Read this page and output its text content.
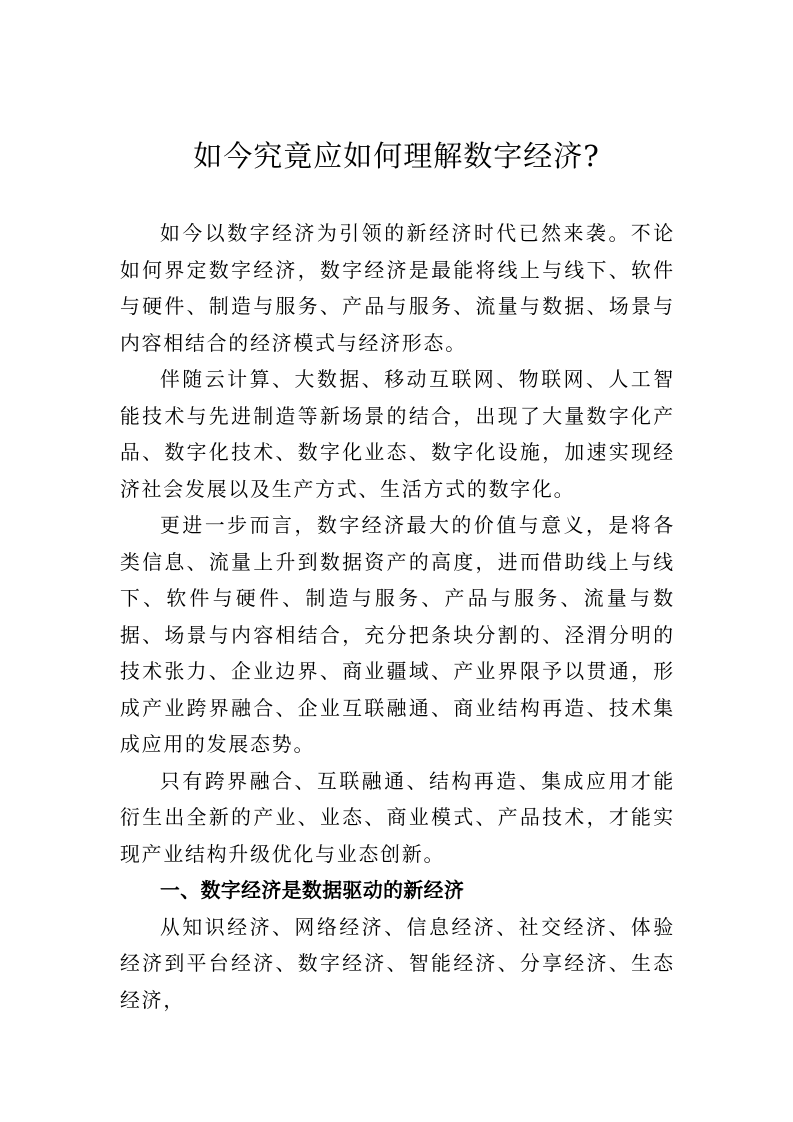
如今究竟应如何理解数字经济?

如今以数字经济为引领的新经济时代已然来袭。不论如何界定数字经济，数字经济是最能将线上与线下、软件与硬件、制造与服务、产品与服务、流量与数据、场景与内容相结合的经济模式与经济形态。

伴随云计算、大数据、移动互联网、物联网、人工智能技术与先进制造等新场景的结合，出现了大量数字化产品、数字化技术、数字化业态、数字化设施，加速实现经济社会发展以及生产方式、生活方式的数字化。

更进一步而言，数字经济最大的价值与意义，是将各类信息、流量上升到数据资产的高度，进而借助线上与线下、软件与硬件、制造与服务、产品与服务、流量与数据、场景与内容相结合，充分把条块分割的、泾渭分明的技术张力、企业边界、商业疆域、产业界限予以贯通，形成产业跨界融合、企业互联融通、商业结构再造、技术集成应用的发展态势。

只有跨界融合、互联融通、结构再造、集成应用才能衍生出全新的产业、业态、商业模式、产品技术，才能实现产业结构升级优化与业态创新。

一、数字经济是数据驱动的新经济

从知识经济、网络经济、信息经济、社交经济、体验经济到平台经济、数字经济、智能经济、分享经济、生态经济，
